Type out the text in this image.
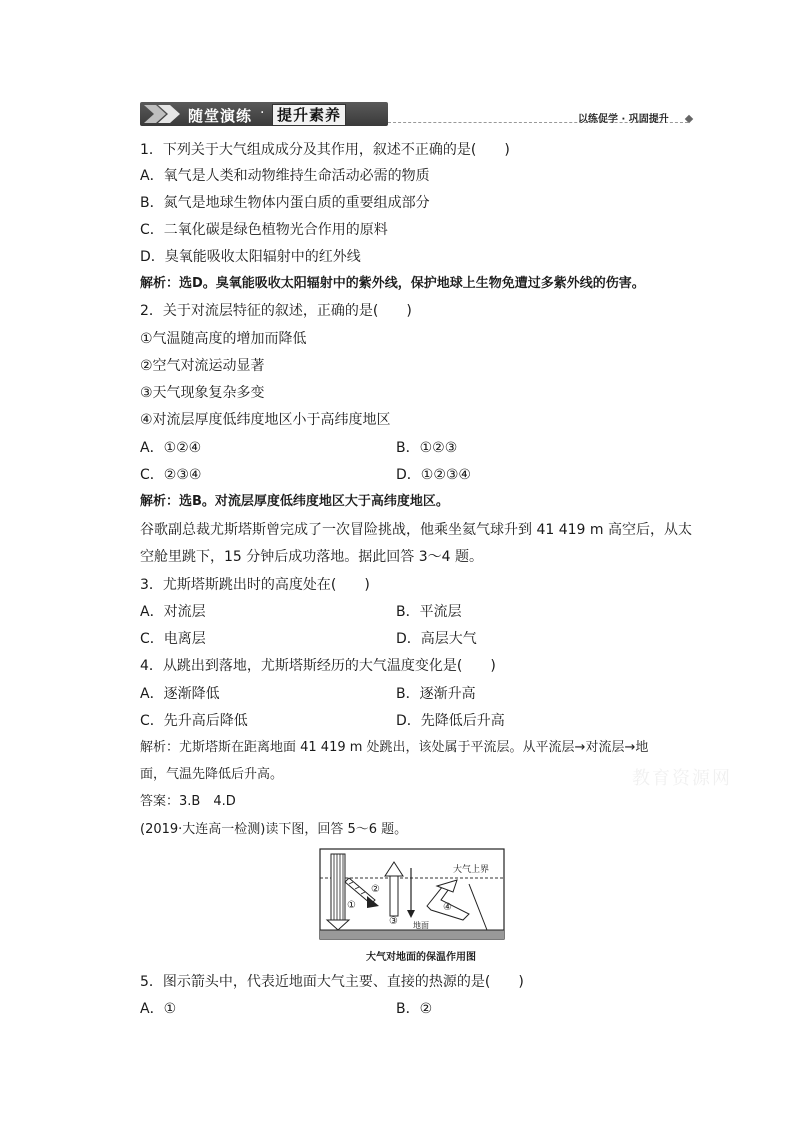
随堂演练 · 提升素养	以练促学 · 巩固提升
1．下列关于大气组成成分及其作用，叙述不正确的是(　　)
A．氧气是人类和动物维持生命活动必需的物质
B．氮气是地球生物体内蛋白质的重要组成部分
C．二氧化碳是绿色植物光合作用的原料
D．臭氧能吸收太阳辐射中的红外线
解析：选D。臭氧能吸收太阳辐射中的紫外线，保护地球上生物免遭过多紫外线的伤害。
2．关于对流层特征的叙述，正确的是(　　)
①气温随高度的增加而降低
②空气对流运动显著
③天气现象复杂多变
④对流层厚度低纬度地区小于高纬度地区
A．①②④	B．①②③
C．②③④	D．①②③④
解析：选B。对流层厚度低纬度地区大于高纬度地区。
谷歌副总裁尤斯塔斯曾完成了一次冒险挑战，他乘坐氦气球升到 41 419 m 高空后，从太
空舱里跳下，15 分钟后成功落地。据此回答 3～4 题。
3．尤斯塔斯跳出时的高度处在(　　)
A．对流层	B．平流层
C．电离层	D．高层大气
4．从跳出到落地，尤斯塔斯经历的大气温度变化是(　　)
A．逐渐降低	B．逐渐升高
C．先升高后降低	D．先降低后升高
解析：尤斯塔斯在距离地面 41 419 m 处跳出，该处属于平流层。从平流层→对流层→地
面，气温先降低后升高。	教育资源网
答案：3.B　4.D
(2019·大连高一检测)读下图，回答 5～6 题。
大气上界
地面
①
②
③
④
大气对地面的保温作用图
5．图示箭头中，代表近地面大气主要、直接的热源的是(　　)
A．①	B．②
